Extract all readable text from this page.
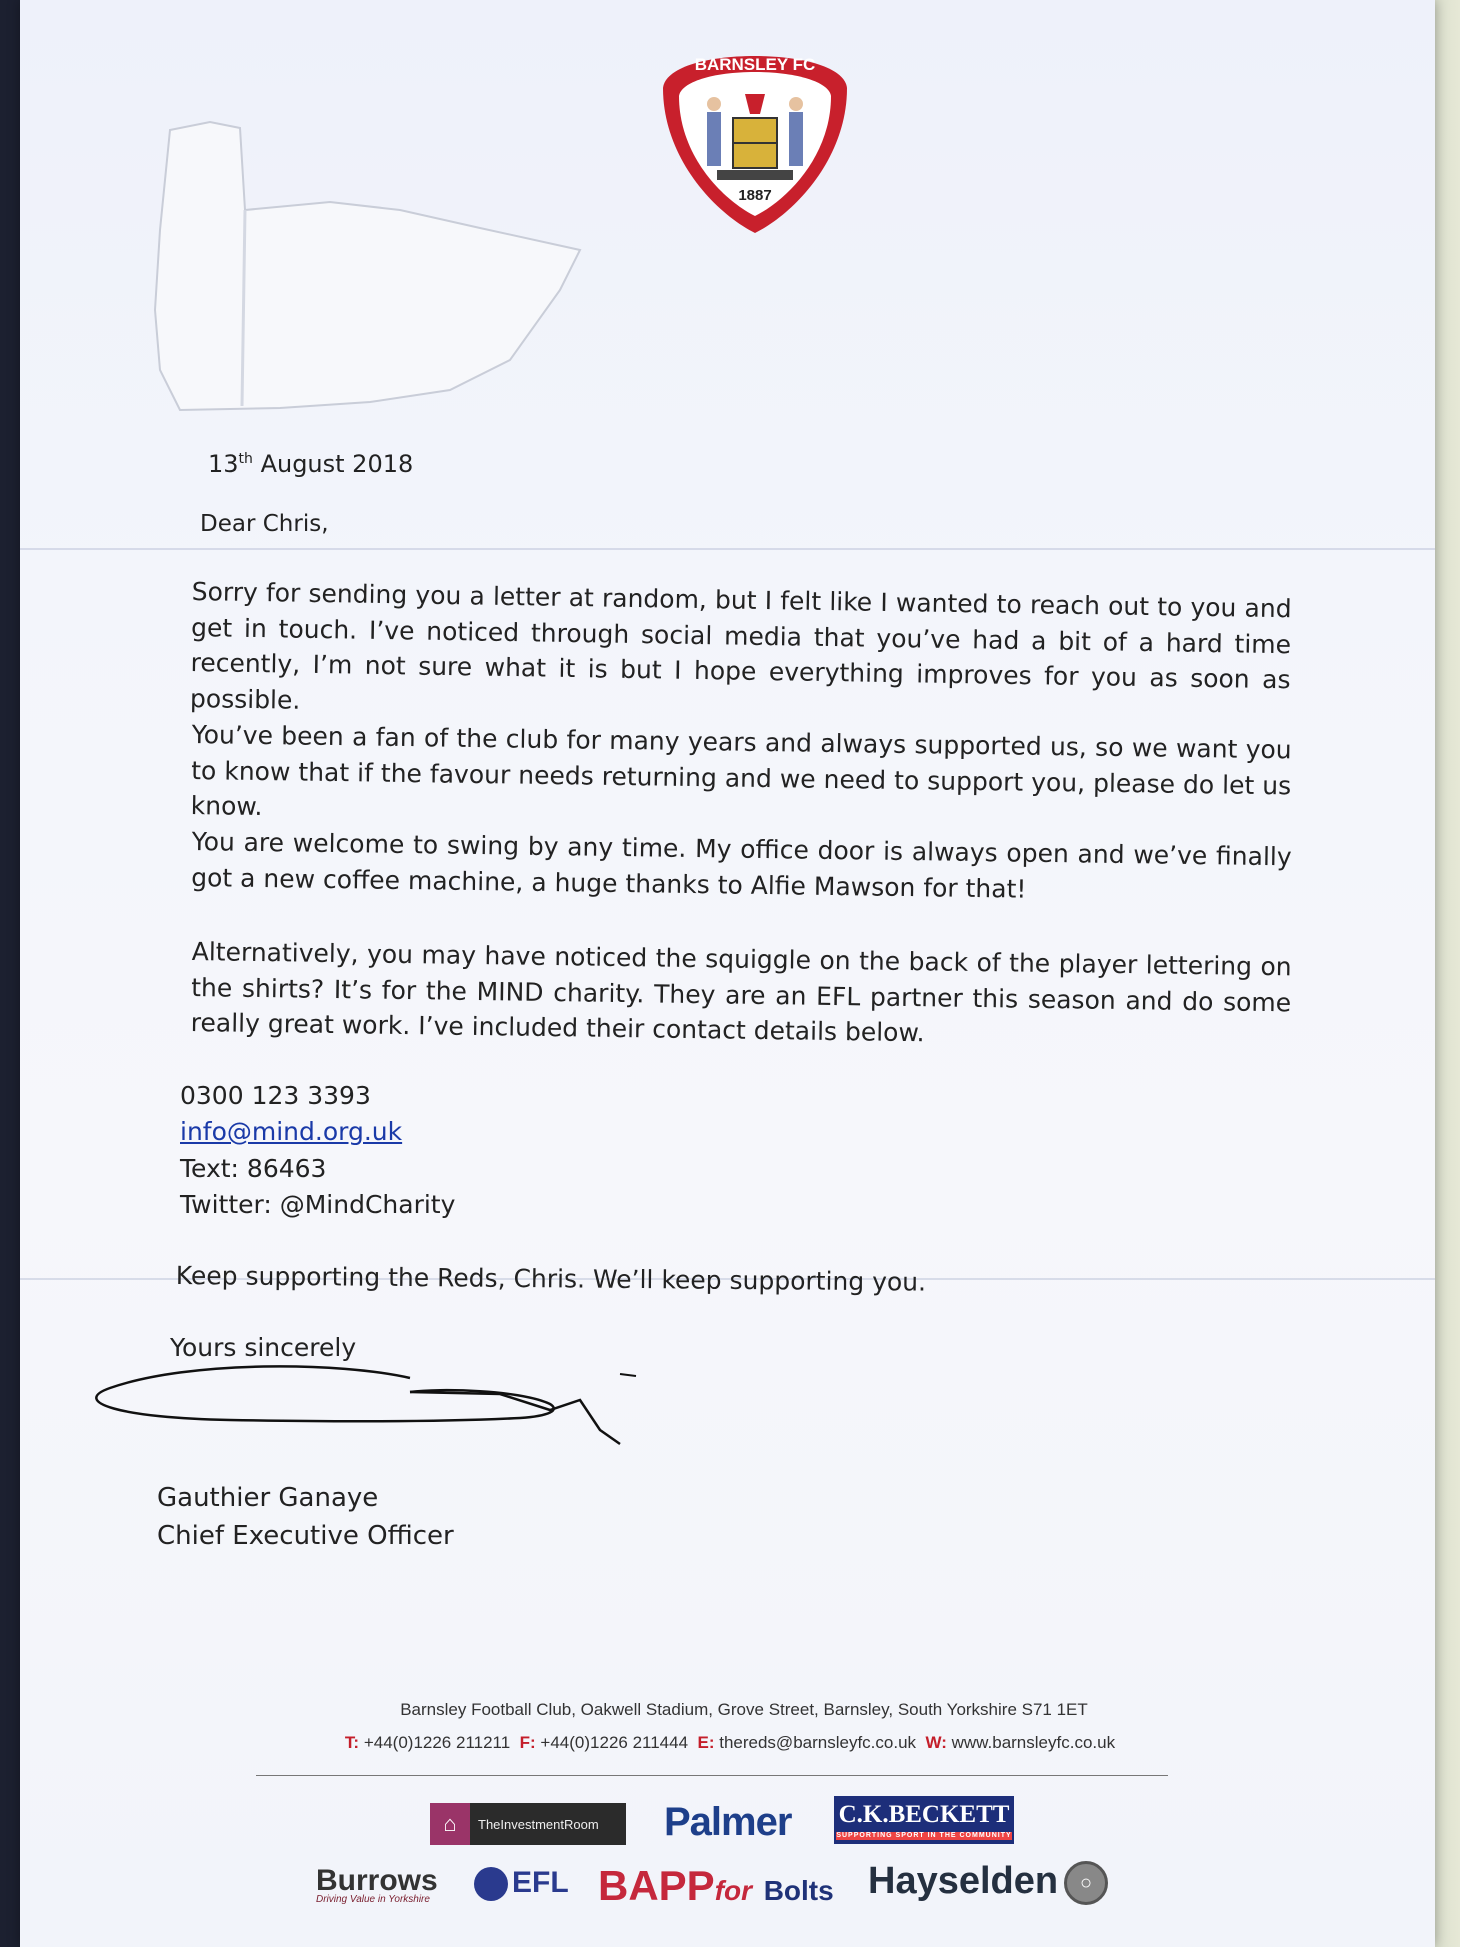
BARNSLEY FC
1887
13th August 2018
Dear Chris,
Sorry for sending you a letter at random, but I felt like I wanted to reach out to you and get in touch. I’ve noticed through social media that you’ve had a bit of a hard time recently, I’m not sure what it is but I hope everything improves for you as soon as possible.
You’ve been a fan of the club for many years and always supported us, so we want you to know that if the favour needs returning and we need to support you, please do let us know.
You are welcome to swing by any time. My office door is always open and we’ve finally got a new coffee machine, a huge thanks to Alfie Mawson for that!
Alternatively, you may have noticed the squiggle on the back of the player lettering on the shirts? It’s for the MIND charity. They are an EFL partner this season and do some really great work. I’ve included their contact details below.
0300 123 3393
info@mind.org.uk
Text: 86463
Twitter: @MindCharity
Keep supporting the Reds, Chris. We’ll keep supporting you.
Yours sincerely
Gauthier Ganaye
Chief Executive Officer
Barnsley Football Club, Oakwell Stadium, Grove Street, Barnsley, South Yorkshire S71 1ET
T: +44(0)1226 211211 F: +44(0)1226 211444 E: thereds@barnsleyfc.co.uk W: www.barnsleyfc.co.uk
⌂	TheInvestmentRoom Palmer C.K.BECKETT
SUPPORTING SPORT IN THE COMMUNITY
Burrows
Driving Value in Yorkshire
EFL BAPPfor Bolts Hayselden ○
